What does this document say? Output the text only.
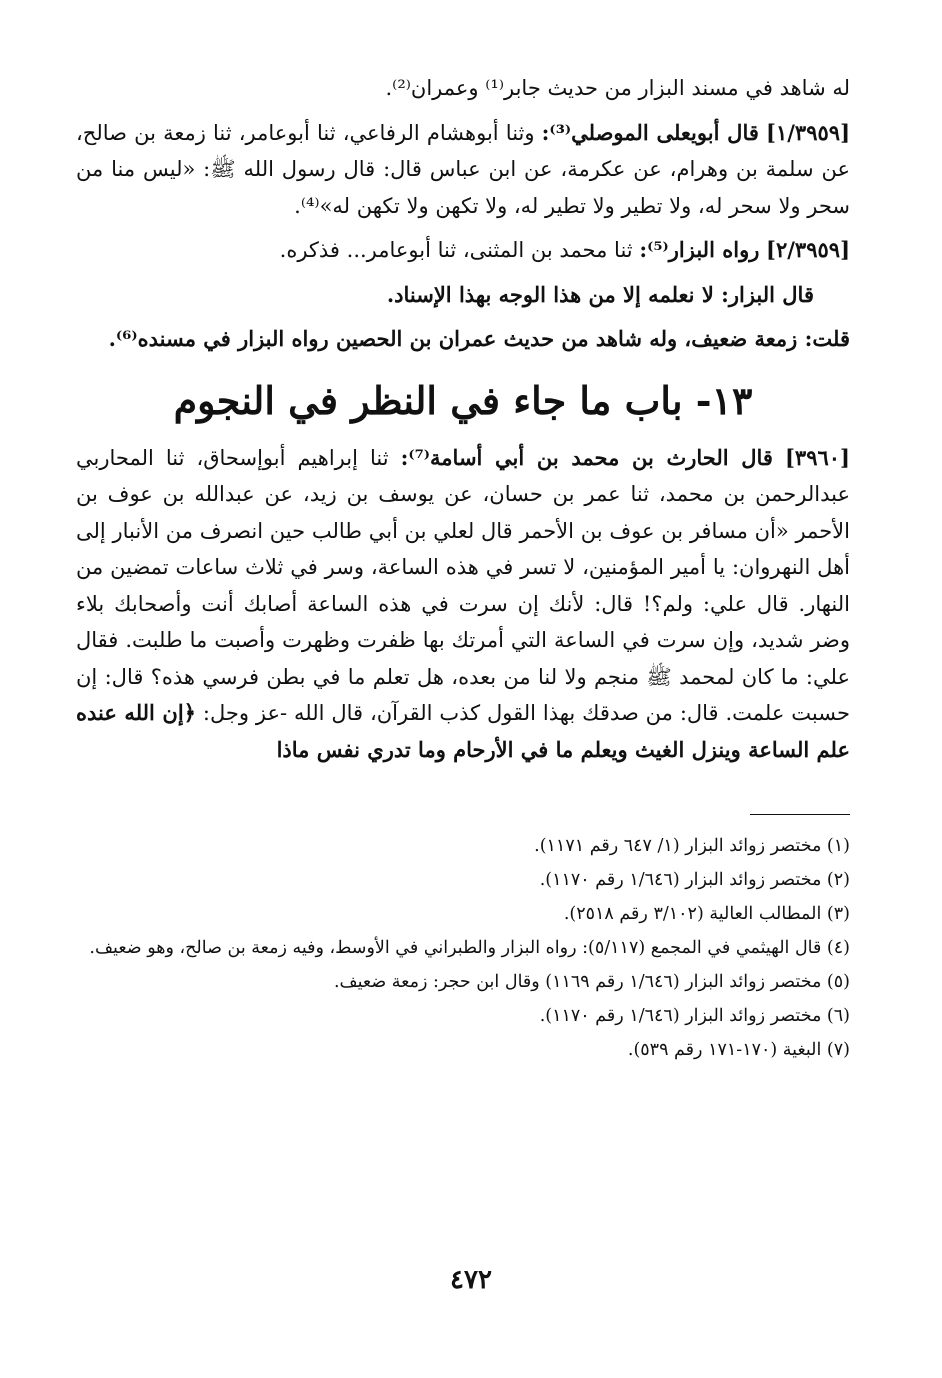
له شاهد في مسند البزار من حديث جابر⁽¹⁾ وعمران⁽²⁾.

[١/٣٩٥٩] قال أبويعلى الموصلي⁽³⁾: وثنا أبوهشام الرفاعي، ثنا أبوعامر، ثنا زمعة بن صالح، عن سلمة بن وهرام، عن عكرمة، عن ابن عباس قال: قال رسول الله ﷺ: «ليس منا من سحر ولا سحر له، ولا تطير ولا تطير له، ولا تكهن ولا تكهن له»⁽⁴⁾.

[٢/٣٩٥٩] رواه البزار⁽⁵⁾: ثنا محمد بن المثنى، ثنا أبوعامر... فذكره.

قال البزار: لا نعلمه إلا من هذا الوجه بهذا الإسناد.

قلت: زمعة ضعيف، وله شاهد من حديث عمران بن الحصين رواه البزار في مسنده⁽⁶⁾.

١٣- باب ما جاء في النظر في النجوم

[٣٩٦٠] قال الحارث بن محمد بن أبي أسامة⁽⁷⁾: ثنا إبراهيم أبوإسحاق، ثنا المحاربي عبدالرحمن بن محمد، ثنا عمر بن حسان، عن يوسف بن زيد، عن عبدالله بن عوف بن الأحمر «أن مسافر بن عوف بن الأحمر قال لعلي بن أبي طالب حين انصرف من الأنبار إلى أهل النهروان: يا أمير المؤمنين، لا تسر في هذه الساعة، وسر في ثلاث ساعات تمضين من النهار. قال علي: ولم؟! قال: لأنك إن سرت في هذه الساعة أصابك أنت وأصحابك بلاء وضر شديد، وإن سرت في الساعة التي أمرتك بها ظفرت وظهرت وأصبت ما طلبت. فقال علي: ما كان لمحمد ﷺ منجم ولا لنا من بعده، هل تعلم ما في بطن فرسي هذه؟ قال: إن حسبت علمت. قال: من صدقك بهذا القول كذب القرآن، قال الله -عز وجل: ﴿إن الله عنده علم الساعة وينزل الغيث ويعلم ما في الأرحام وما تدري نفس ماذا

(١) مختصر زوائد البزار (١/ ٦٤٧ رقم ١١٧١).
(٢) مختصر زوائد البزار (١/٦٤٦ رقم ١١٧٠).
(٣) المطالب العالية (٣/١٠٢ رقم ٢٥١٨).
(٤) قال الهيثمي في المجمع (٥/١١٧): رواه البزار والطبراني في الأوسط، وفيه زمعة بن صالح، وهو ضعيف.
(٥) مختصر زوائد البزار (١/٦٤٦ رقم ١١٦٩) وقال ابن حجر: زمعة ضعيف.
(٦) مختصر زوائد البزار (١/٦٤٦ رقم ١١٧٠).
(٧) البغية (١٧٠-١٧١ رقم ٥٣٩).
٤٧٢
